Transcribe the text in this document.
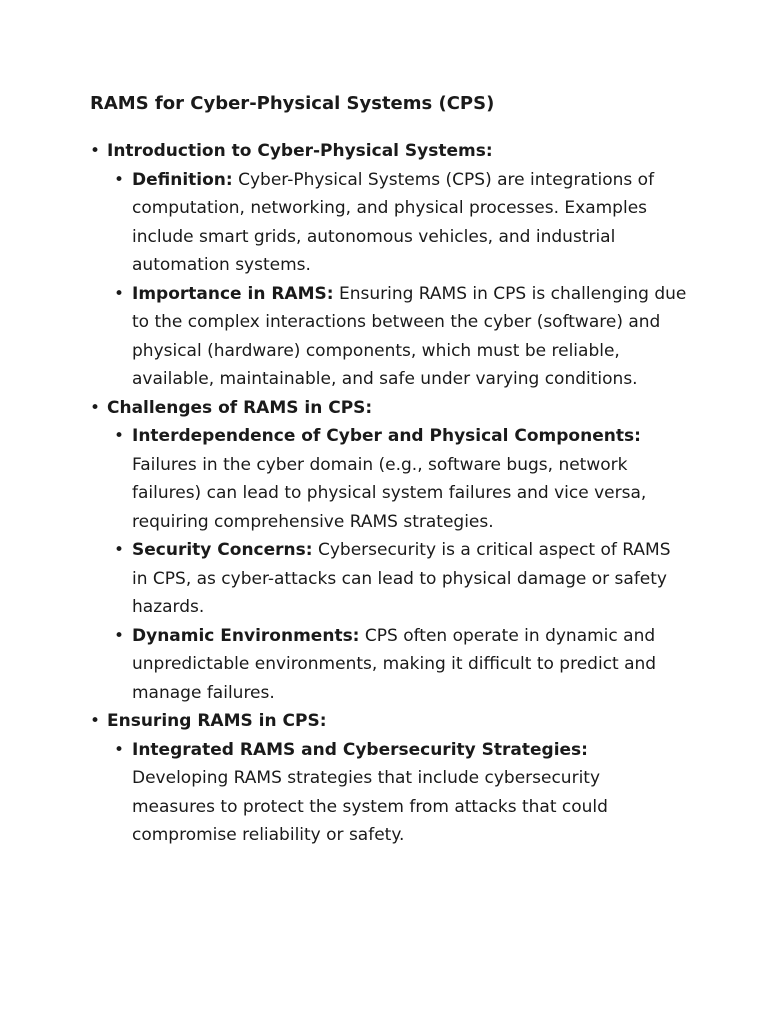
RAMS for Cyber-Physical Systems (CPS)
• Introduction to Cyber-Physical Systems:
• Definition: Cyber-Physical Systems (CPS) are integrations of computation, networking, and physical processes. Examples include smart grids, autonomous vehicles, and industrial automation systems.
• Importance in RAMS: Ensuring RAMS in CPS is challenging due to the complex interactions between the cyber (software) and physical (hardware) components, which must be reliable, available, maintainable, and safe under varying conditions.
• Challenges of RAMS in CPS:
• Interdependence of Cyber and Physical Components: Failures in the cyber domain (e.g., software bugs, network failures) can lead to physical system failures and vice versa, requiring comprehensive RAMS strategies.
• Security Concerns: Cybersecurity is a critical aspect of RAMS in CPS, as cyber-attacks can lead to physical damage or safety hazards.
• Dynamic Environments: CPS often operate in dynamic and unpredictable environments, making it difficult to predict and manage failures.
• Ensuring RAMS in CPS:
• Integrated RAMS and Cybersecurity Strategies: Developing RAMS strategies that include cybersecurity measures to protect the system from attacks that could compromise reliability or safety.
